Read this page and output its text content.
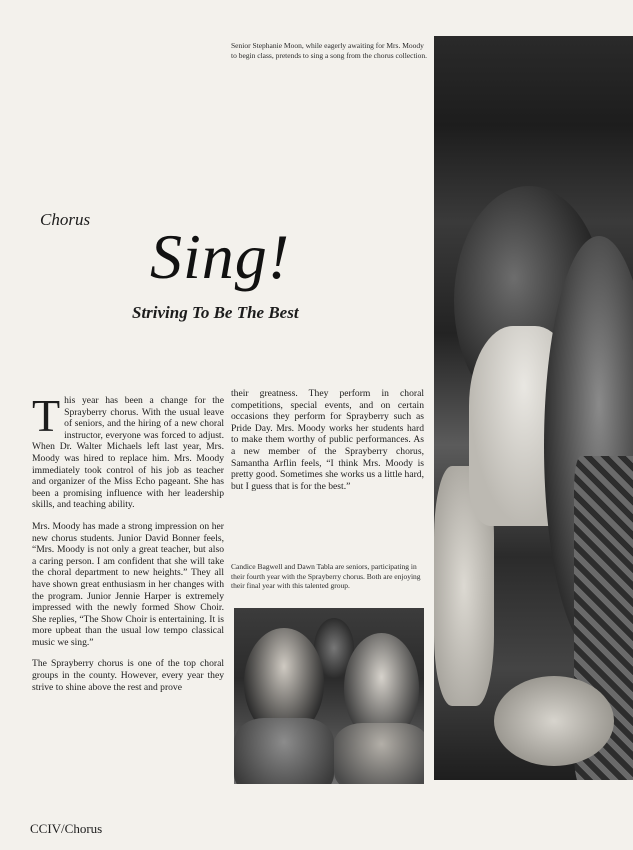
Senior Stephanie Moon, while eagerly awaiting for Mrs. Moody to begin class, pretends to sing a song from the chorus collection.
Chorus
Sing!
Striving To Be The Best

This year has been a change for the Sprayberry chorus. With the usual leave of seniors, and the hiring of a new choral instructor, everyone was forced to adjust. When Dr. Walter Michaels left last year, Mrs. Moody was hired to replace him. Mrs. Moody immediately took control of his job as teacher and organizer of the Miss Echo pageant. She has been a promising influence with her leadership skills, and teaching ability.

Mrs. Moody has made a strong impression on her new chorus students. Junior David Bonner feels, “Mrs. Moody is not only a great teacher, but also a caring person. I am confident that she will take the choral department to new heights.” They all have shown great enthusiasm in her changes with the program. Junior Jennie Harper is extremely impressed with the newly formed Show Choir. She replies, “The Show Choir is entertaining. It is more upbeat than the usual low tempo classical music we sing.”

The Sprayberry chorus is one of the top choral groups in the county. However, every year they strive to shine above the rest and prove

their greatness. They perform in choral competitions, special events, and on certain occasions they perform for Sprayberry such as Pride Day. Mrs. Moody works her students hard to make them worthy of public performances. As a new member of the Sprayberry chorus, Samantha Arflin feels, “I think Mrs. Moody is pretty good. Sometimes she works us a little hard, but I guess that is for the best.”

Candice Bagwell and Dawn Tabla are seniors, participating in their fourth year with the Sprayberry chorus. Both are enjoying their final year with this talented group.
CCIV/Chorus
